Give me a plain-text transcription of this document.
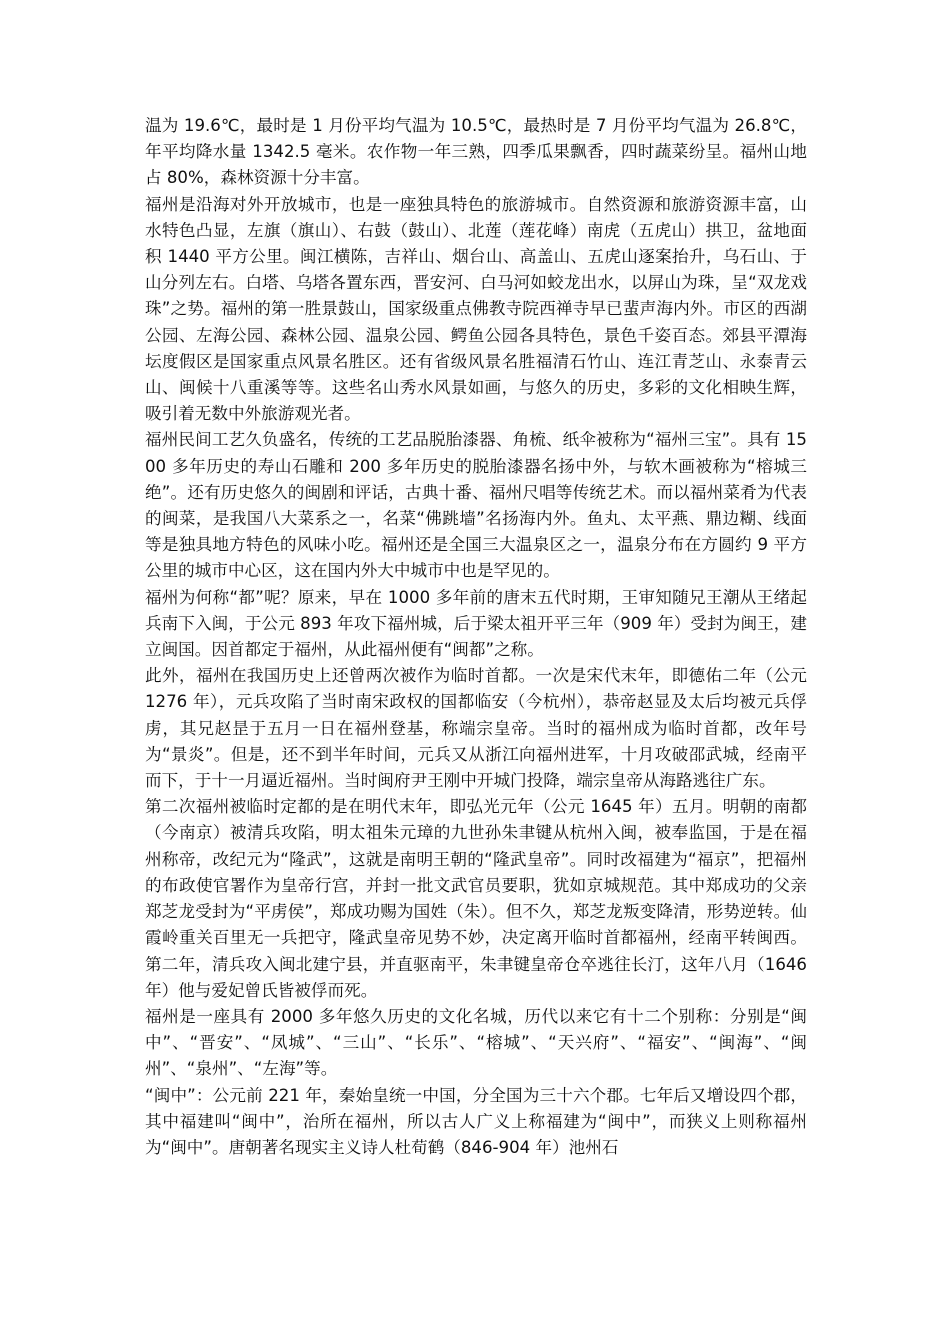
温为 19.6℃，最时是 1 月份平均气温为 10.5℃，最热时是 7 月份平均气温为 26.8℃，年平均降水量 1342.5 毫米。农作物一年三熟，四季瓜果飘香，四时蔬菜纷呈。福州山地占 80%，森林资源十分丰富。

福州是沿海对外开放城市，也是一座独具特色的旅游城市。自然资源和旅游资源丰富，山水特色凸显，左旗（旗山）、右鼓（鼓山）、北莲（莲花峰）南虎（五虎山）拱卫，盆地面积 1440 平方公里。闽江横陈，吉祥山、烟台山、高盖山、五虎山逐案抬升，乌石山、于山分列左右。白塔、乌塔各置东西，晋安河、白马河如蛟龙出水，以屏山为珠，呈“双龙戏珠”之势。福州的第一胜景鼓山，国家级重点佛教寺院西禅寺早已蜚声海内外。市区的西湖公园、左海公园、森林公园、温泉公园、鳄鱼公园各具特色，景色千姿百态。郊县平潭海坛度假区是国家重点风景名胜区。还有省级风景名胜福清石竹山、连江青芝山、永泰青云山、闽候十八重溪等等。这些名山秀水风景如画，与悠久的历史，多彩的文化相映生辉，吸引着无数中外旅游观光者。

福州民间工艺久负盛名，传统的工艺品脱胎漆器、角梳、纸伞被称为“福州三宝”。具有 1500 多年历史的寿山石雕和 200 多年历史的脱胎漆器名扬中外，与软木画被称为“榕城三绝”。还有历史悠久的闽剧和评话，古典十番、福州尺唱等传统艺术。而以福州菜肴为代表的闽菜，是我国八大菜系之一，名菜“佛跳墙”名扬海内外。鱼丸、太平燕、鼎边糊、线面等是独具地方特色的风味小吃。福州还是全国三大温泉区之一，温泉分布在方圆约 9 平方公里的城市中心区，这在国内外大中城市中也是罕见的。

福州为何称“都”呢？原来，早在 1000 多年前的唐末五代时期，王审知随兄王潮从王绪起兵南下入闽，于公元 893 年攻下福州城，后于梁太祖开平三年（909 年）受封为闽王，建立闽国。因首都定于福州，从此福州便有“闽都”之称。

此外，福州在我国历史上还曾两次被作为临时首都。一次是宋代末年，即德佑二年（公元 1276 年），元兵攻陷了当时南宋政权的国都临安（今杭州），恭帝赵显及太后均被元兵俘虏，其兄赵昰于五月一日在福州登基，称端宗皇帝。当时的福州成为临时首都，改年号为“景炎”。但是，还不到半年时间，元兵又从浙江向福州进军，十月攻破邵武城，经南平而下，于十一月逼近福州。当时闽府尹王刚中开城门投降，端宗皇帝从海路逃往广东。

第二次福州被临时定都的是在明代末年，即弘光元年（公元 1645 年）五月。明朝的南都（今南京）被清兵攻陷，明太祖朱元璋的九世孙朱聿键从杭州入闽，被奉监国，于是在福州称帝，改纪元为“隆武”，这就是南明王朝的“隆武皇帝”。同时改福建为“福京”，把福州的布政使官署作为皇帝行宫，并封一批文武官员要职，犹如京城规范。其中郑成功的父亲郑芝龙受封为“平虏侯”，郑成功赐为国姓（朱）。但不久，郑芝龙叛变降清，形势逆转。仙霞岭重关百里无一兵把守，隆武皇帝见势不妙，决定离开临时首都福州，经南平转闽西。第二年，清兵攻入闽北建宁县，并直驱南平，朱聿键皇帝仓卒逃往长汀，这年八月（1646 年）他与爱妃曾氏皆被俘而死。

福州是一座具有 2000 多年悠久历史的文化名城，历代以来它有十二个别称：分别是“闽中”、“晋安”、“凤城”、“三山”、“长乐”、“榕城”、“天兴府”、“福安”、“闽海”、“闽州”、“泉州”、“左海”等。

“闽中”：公元前 221 年，秦始皇统一中国，分全国为三十六个郡。七年后又增设四个郡，其中福建叫“闽中”，治所在福州，所以古人广义上称福建为“闽中”，而狭义上则称福州为“闽中”。唐朝著名现实主义诗人杜荀鹤（846-904 年）池州石
